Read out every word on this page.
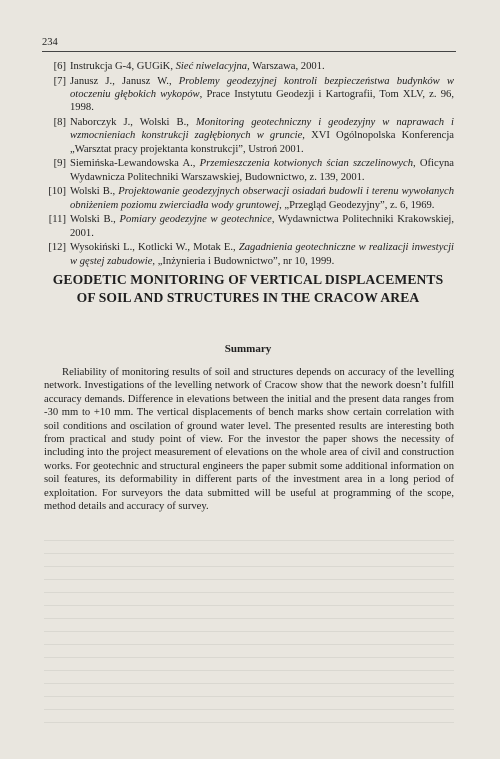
234
[6] Instrukcja G-4, GUGiK, Sieć niwelacyjna, Warszawa, 2001.
[7] Janusz J., Janusz W., Problemy geodezyjnej kontroli bezpieczeństwa budynków w otoczeniu głębokich wykopów, Prace Instytutu Geodezji i Kartografii, Tom XLV, z. 96, 1998.
[8] Naborczyk J., Wolski B., Monitoring geotechniczny i geodezyjny w naprawach i wzmocnieniach konstrukcji zagłębionych w gruncie, XVI Ogólnopolska Konferencja „Warsztat pracy projektanta konstrukcji”, Ustroń 2001.
[9] Siemińska-Lewandowska A., Przemieszczenia kotwionych ścian szczelinowych, Oficyna Wydawnicza Politechniki Warszawskiej, Budownictwo, z. 139, 2001.
[10] Wolski B., Projektowanie geodezyjnych obserwacji osiadań budowli i terenu wywołanych obniżeniem poziomu zwierciadła wody gruntowej, „Przegląd Geodezyjny”, z. 6, 1969.
[11] Wolski B., Pomiary geodezyjne w geotechnice, Wydawnictwa Politechniki Krakowskiej, 2001.
[12] Wysokiński L., Kotlicki W., Motak E., Zagadnienia geotechniczne w realizacji inwestycji w gęstej zabudowie, „Inżynieria i Budownictwo”, nr 10, 1999.
GEODETIC MONITORING OF VERTICAL DISPLACEMENTS
OF SOIL AND STRUCTURES IN THE CRACOW AREA
Summary

Reliability of monitoring results of soil and structures depends on accuracy of the levelling network. Investigations of the levelling network of Cracow show that the nework doesn’t fulfill accuracy demands. Difference in elevations between the initial and the present data ranges from -30 mm to +10 mm. The vertical displacements of bench marks show certain correlation with soil conditions and oscilation of ground water level. The presented results are interesting both from practical and study point of view. For the investor the paper shows the necessity of including into the project measurement of elevations on the whole area of civil and construction works. For geotechnic and structural engineers the paper submit some additional information on soil features, its deformability in different parts of the investment area in a long period of exploitation. For surveyors the data submitted will be useful at programming of the scope, method details and accuracy of survey.
